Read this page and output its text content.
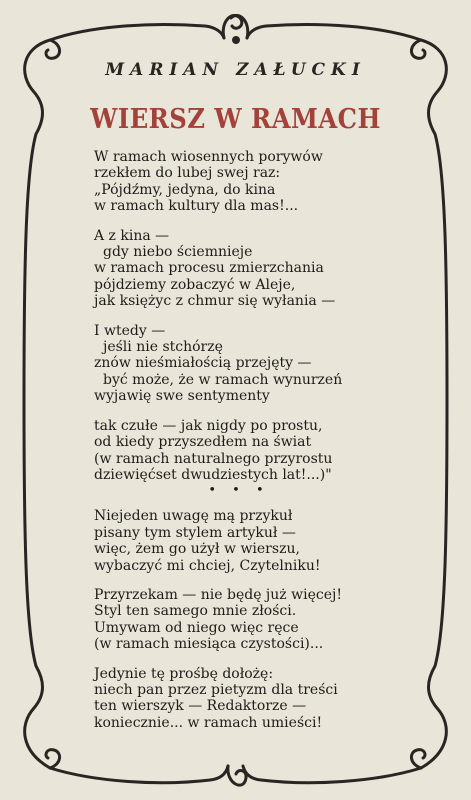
MARIAN ZAŁUCKI
WIERSZ W RAMACH
W ramach wiosennych porywów
rzekłem do lubej swej raz:
„Pójdźmy, jedyna, do kina
w ramach kultury dla mas!...
A z kina —
gdy niebo ściemnieje
w ramach procesu zmierzchania
pójdziemy zobaczyć w Aleje,
jak księżyc z chmur się wyłania —
I wtedy —
jeśli nie stchórzę
znów nieśmiałością przejęty —
być może, że w ramach wynurzeń
wyjawię swe sentymenty
tak czułe — jak nigdy po prostu,
od kiedy przyszedłem na świat
(w ramach naturalnego przyrostu
dziewięćset dwudziestych lat!...)"
• • •
Niejeden uwagę mą przykuł
pisany tym stylem artykuł —
więc, żem go użył w wierszu,
wybaczyć mi chciej, Czytelniku!
Przyrzekam — nie będę już więcej!
Styl ten samego mnie złości.
Umywam od niego więc ręce
(w ramach miesiąca czystości)...
Jedynie tę prośbę dołożę:
niech pan przez pietyzm dla treści
ten wierszyk — Redaktorze —
koniecznie... w ramach umieści!
